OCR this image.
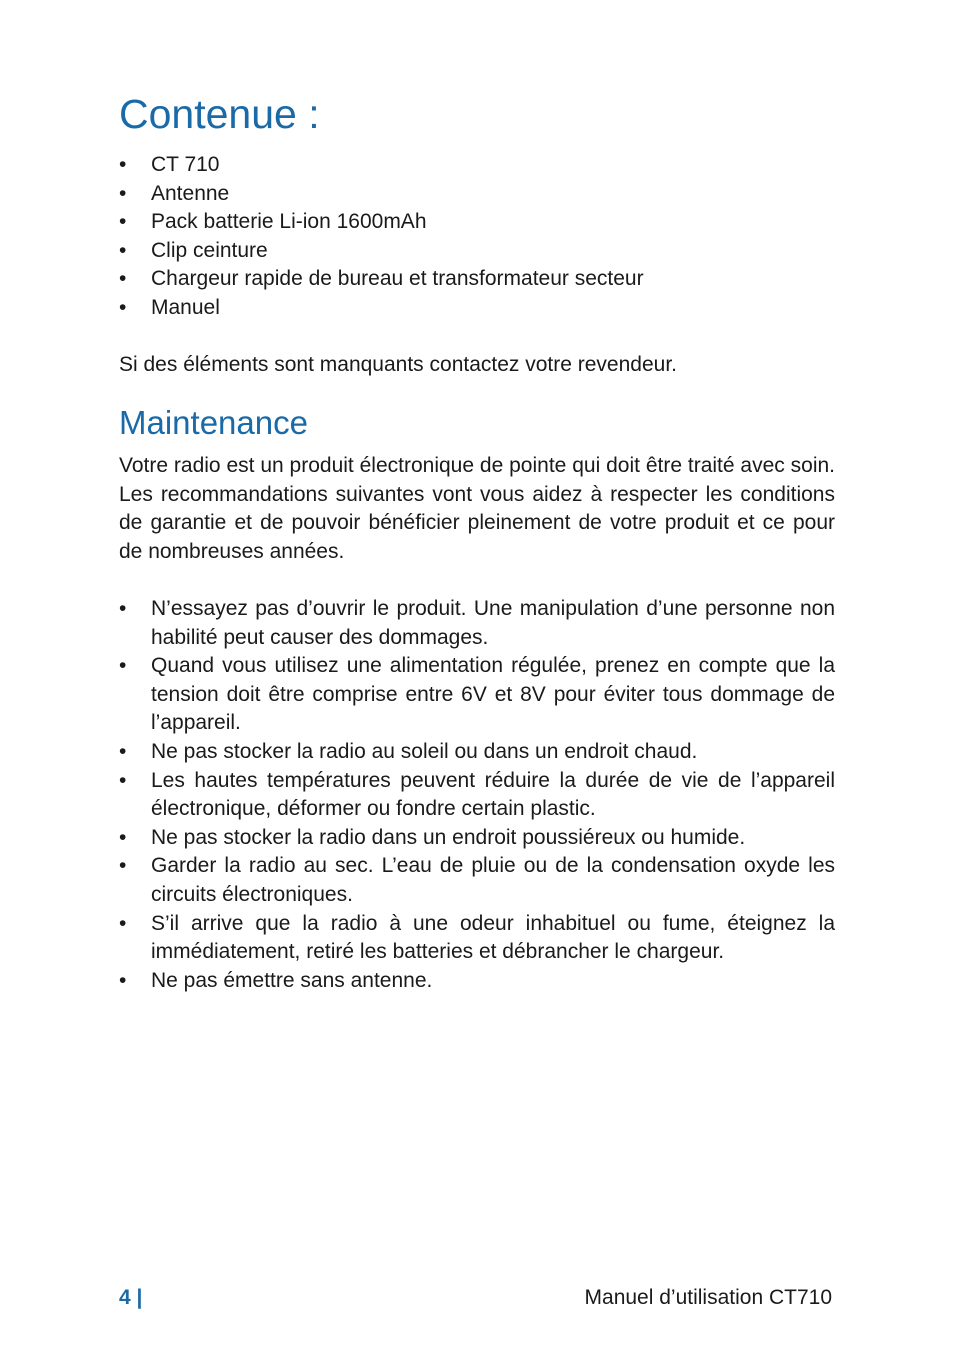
Contenue :
• CT 710
• Antenne
• Pack batterie Li-ion 1600mAh
• Clip ceinture
• Chargeur rapide de bureau et transformateur secteur
• Manuel

Si des éléments sont manquants contactez votre revendeur.

Maintenance

Votre radio est un produit électronique de pointe qui doit être traité avec soin. Les recommandations suivantes vont vous aidez à respecter les conditions de garantie et de pouvoir bénéficier pleinement de votre produit et ce pour de nombreuses années.

• N’essayez pas d’ouvrir le produit. Une manipulation d’une personne non habilité peut causer des dommages.
• Quand vous utilisez une alimentation régulée, prenez en compte que la tension doit être comprise entre 6V et 8V pour éviter tous dommage de l’appareil.
• Ne pas stocker la radio au soleil ou dans un endroit chaud.
• Les hautes températures peuvent réduire la durée de vie de l’appareil électronique, déformer ou fondre certain plastic.
• Ne pas stocker la radio dans un endroit poussiéreux ou humide.
• Garder la radio au sec. L’eau de pluie ou de la condensation oxyde les circuits électroniques.
• S’il arrive que la radio à une odeur inhabituel ou fume, éteignez la immédiatement, retiré les batteries et débrancher le chargeur.
• Ne pas émettre sans antenne.

4 |	Manuel d’utilisation CT710
